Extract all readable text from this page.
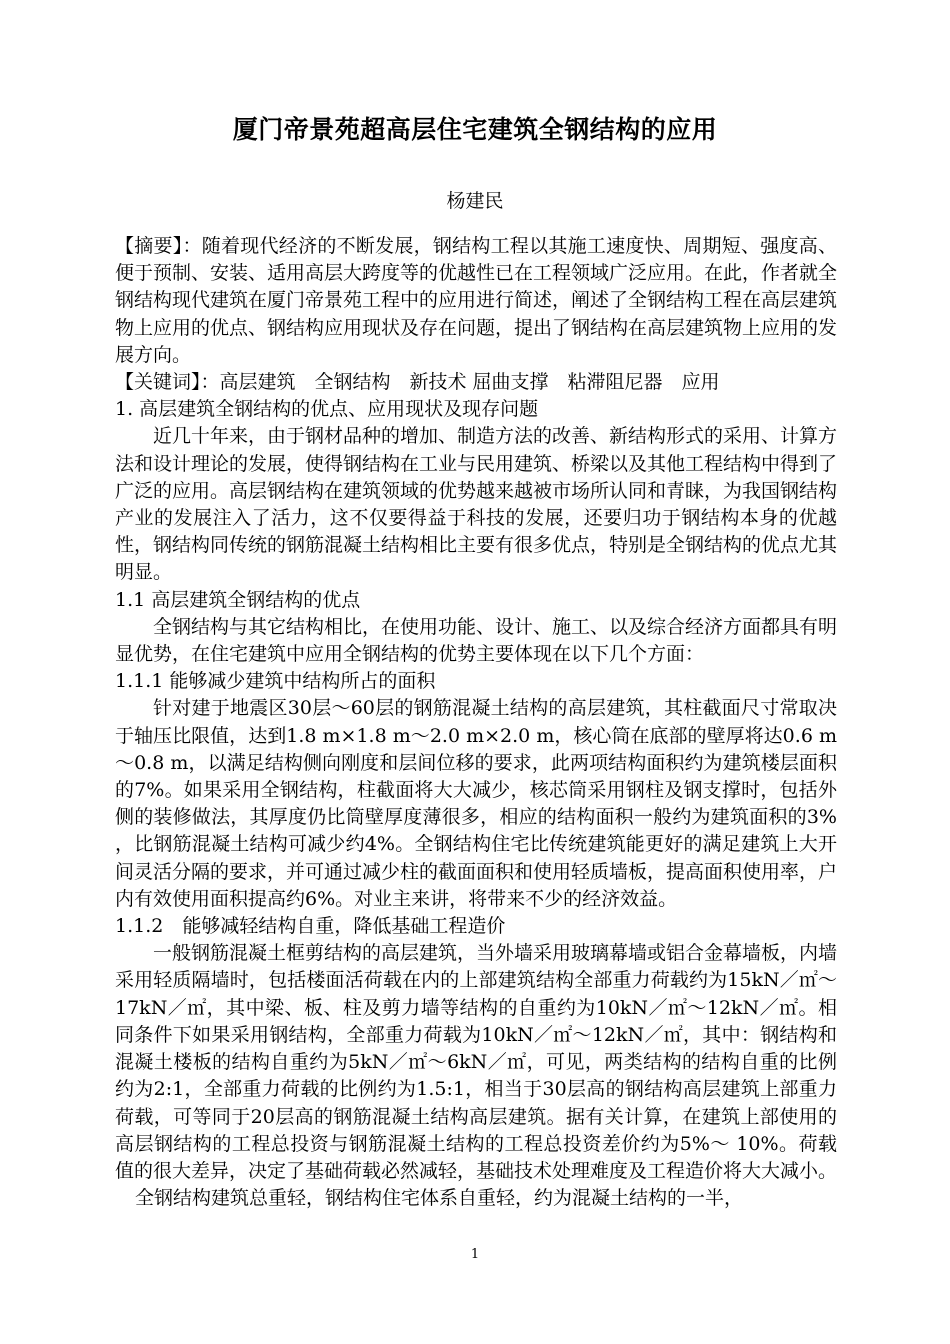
厦门帝景苑超高层住宅建筑全钢结构的应用
杨建民

【摘要】：随着现代经济的不断发展，钢结构工程以其施工速度快、周期短、强度高、便于预制、安装、适用高层大跨度等的优越性已在工程领域广泛应用。在此，作者就全钢结构现代建筑在厦门帝景苑工程中的应用进行简述，阐述了全钢结构工程在高层建筑物上应用的优点、钢结构应用现状及存在问题，提出了钢结构在高层建筑物上应用的发展方向。

【关键词】：高层建筑　全钢结构　新技术 屈曲支撑　粘滞阻尼器　应用

1. 高层建筑全钢结构的优点、应用现状及现存问题

近几十年来，由于钢材品种的增加、制造方法的改善、新结构形式的采用、计算方法和设计理论的发展，使得钢结构在工业与民用建筑、桥梁以及其他工程结构中得到了广泛的应用。高层钢结构在建筑领域的优势越来越被市场所认同和青睐，为我国钢结构产业的发展注入了活力，这不仅要得益于科技的发展，还要归功于钢结构本身的优越性，钢结构同传统的钢筋混凝土结构相比主要有很多优点，特别是全钢结构的优点尤其明显。

1.1 高层建筑全钢结构的优点

全钢结构与其它结构相比，在使用功能、设计、施工、以及综合经济方面都具有明显优势，在住宅建筑中应用全钢结构的优势主要体现在以下几个方面：

1.1.1 能够减少建筑中结构所占的面积

针对建于地震区30层～60层的钢筋混凝土结构的高层建筑，其柱截面尺寸常取决于轴压比限值，达到1.8 m×1.8 m～2.0 m×2.0 m，核心筒在底部的壁厚将达0.6 m～0.8 m，以满足结构侧向刚度和层间位移的要求，此两项结构面积约为建筑楼层面积的7%。如果采用全钢结构，柱截面将大大减少，核芯筒采用钢柱及钢支撑时，包括外侧的装修做法，其厚度仍比筒壁厚度薄很多，相应的结构面积一般约为建筑面积的3% ，比钢筋混凝土结构可减少约4%。全钢结构住宅比传统建筑能更好的满足建筑上大开间灵活分隔的要求，并可通过减少柱的截面面积和使用轻质墙板，提高面积使用率，户内有效使用面积提高约6%。对业主来讲，将带来不少的经济效益。

1.1.2　能够减轻结构自重，降低基础工程造价

一般钢筋混凝土框剪结构的高层建筑，当外墙采用玻璃幕墙或铝合金幕墙板，内墙采用轻质隔墙时，包括楼面活荷载在内的上部建筑结构全部重力荷载约为15kN／㎡～17kN／㎡，其中梁、板、柱及剪力墙等结构的自重约为10kN／㎡～12kN／㎡。相同条件下如果采用钢结构，全部重力荷载为10kN／㎡～12kN／㎡，其中：钢结构和混凝土楼板的结构自重约为5kN／㎡～6kN／㎡，可见，两类结构的结构自重的比例约为2:1，全部重力荷载的比例约为1.5:1，相当于30层高的钢结构高层建筑上部重力荷载，可等同于20层高的钢筋混凝土结构高层建筑。据有关计算，在建筑上部使用的高层钢结构的工程总投资与钢筋混凝土结构的工程总投资差价约为5%～ 10%。荷载值的很大差异，决定了基础荷载必然减轻，基础技术处理难度及工程造价将大大减小。

全钢结构建筑总重轻，钢结构住宅体系自重轻，约为混凝土结构的一半，

1
